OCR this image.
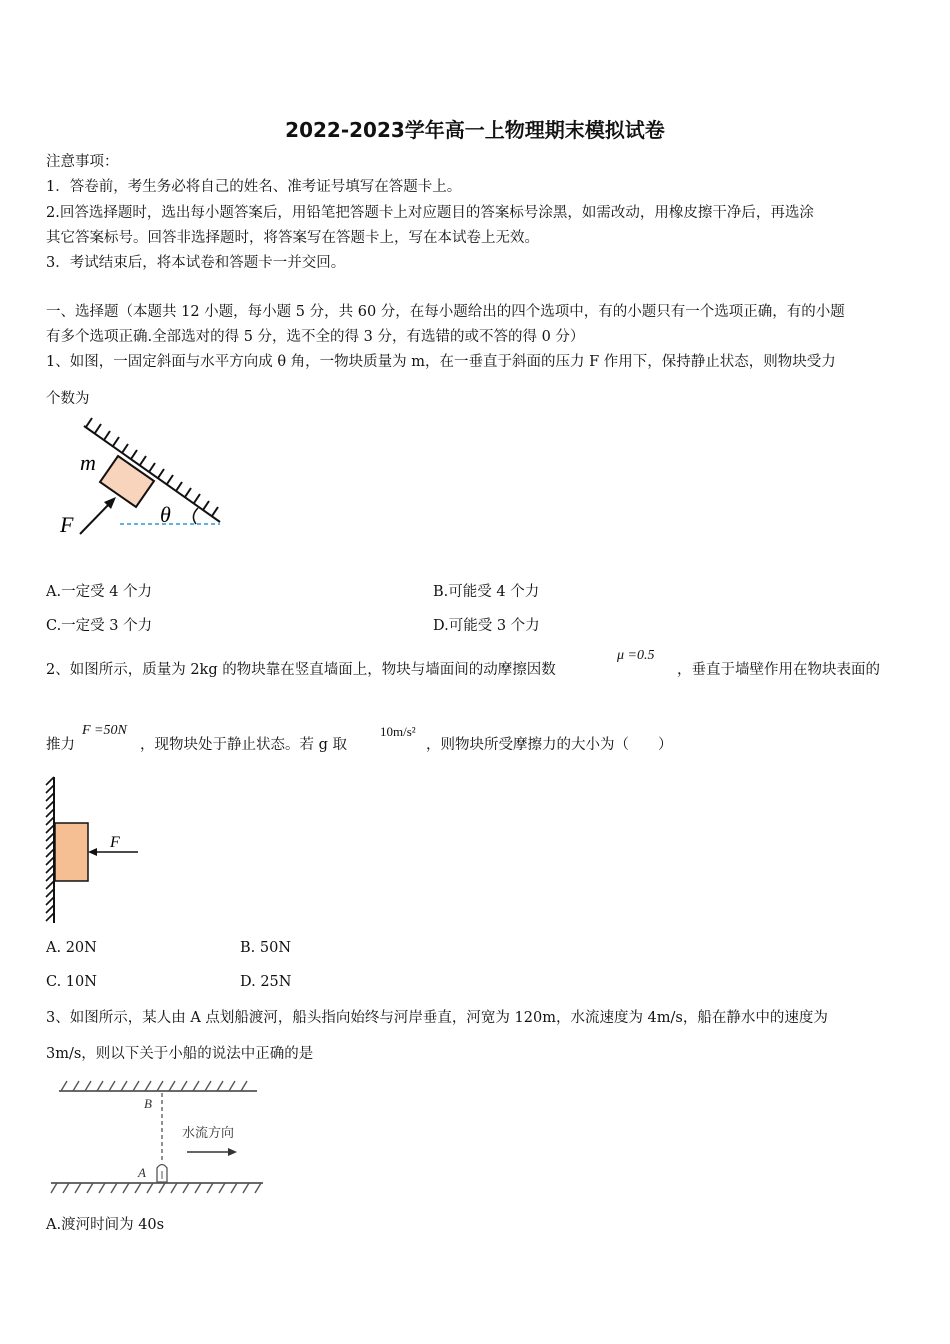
2022-2023学年高一上物理期末模拟试卷
注意事项：
1．答卷前，考生务必将自己的姓名、准考证号填写在答题卡上。
2.回答选择题时，选出每小题答案后，用铅笔把答题卡上对应题目的答案标号涂黑，如需改动，用橡皮擦干净后，再选涂
其它答案标号。回答非选择题时，将答案写在答题卡上，写在本试卷上无效。
3．考试结束后，将本试卷和答题卡一并交回。
一、选择题（本题共 12 小题，每小题 5 分，共 60 分，在每小题给出的四个选项中，有的小题只有一个选项正确，有的小题
有多个选项正确.全部选对的得 5 分，选不全的得 3 分，有选错的或不答的得 0 分）
1、如图，一固定斜面与水平方向成 θ 角，一物块质量为 m，在一垂直于斜面的压力 F 作用下，保持静止状态，则物块受力
个数为
m
F	θ
A.一定受 4 个力	B.可能受 4 个力
C.一定受 3 个力	D.可能受 3 个力
2、如图所示，质量为 2kg 的物块靠在竖直墙面上，物块与墙面间的动摩擦因数
μ =0.5
，垂直于墙壁作用在物块表面的
推力
F =50N
，现物块处于静止状态。若 g 取
10m/s²
，则物块所受摩擦力的大小为（　　）
F
A. 20N	B. 50N
C. 10N	D. 25N
3、如图所示，某人由 A 点划船渡河，船头指向始终与河岸垂直，河宽为 120m，水流速度为 4m/s，船在静水中的速度为
3m/s，则以下关于小船的说法中正确的是
B
A
水流方向
A.渡河时间为 40s
